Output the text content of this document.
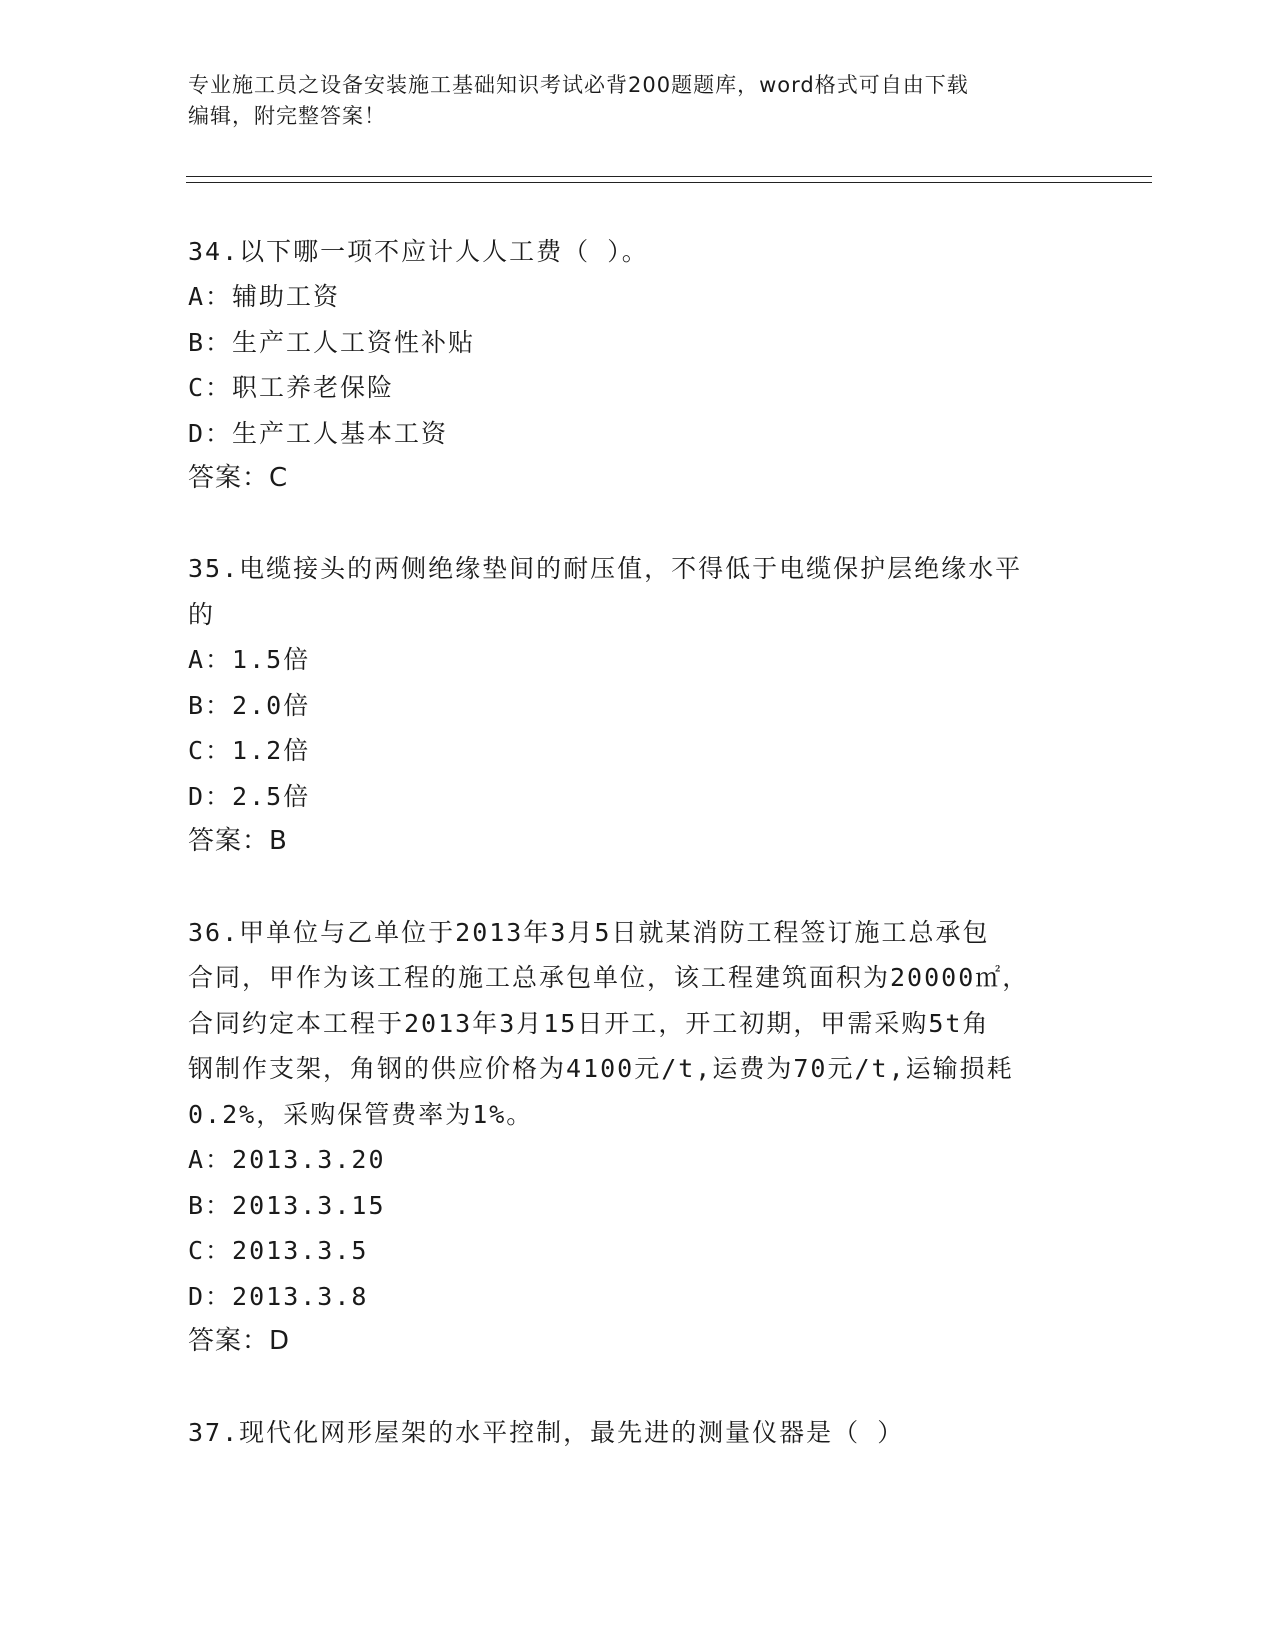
专业施工员之设备安装施工基础知识考试必背200题题库，word格式可自由下载
编辑，附完整答案！
34.以下哪一项不应计人人工费（ ）。
A：辅助工资
B：生产工人工资性补贴
C：职工养老保险
D：生产工人基本工资
答案：C
35.电缆接头的两侧绝缘垫间的耐压值，不得低于电缆保护层绝缘水平
的
A：1.5倍
B：2.0倍
C：1.2倍
D：2.5倍
答案：B
36.甲单位与乙单位于2013年3月5日就某消防工程签订施工总承包
合同，甲作为该工程的施工总承包单位，该工程建筑面积为20000㎡，
合同约定本工程于2013年3月15日开工，开工初期，甲需采购5t角
钢制作支架，角钢的供应价格为4100元/t,运费为70元/t,运输损耗
0.2%，采购保管费率为1%。
A：2013.3.20
B：2013.3.15
C：2013.3.5
D：2013.3.8
答案：D
37.现代化网形屋架的水平控制，最先进的测量仪器是（ ）
